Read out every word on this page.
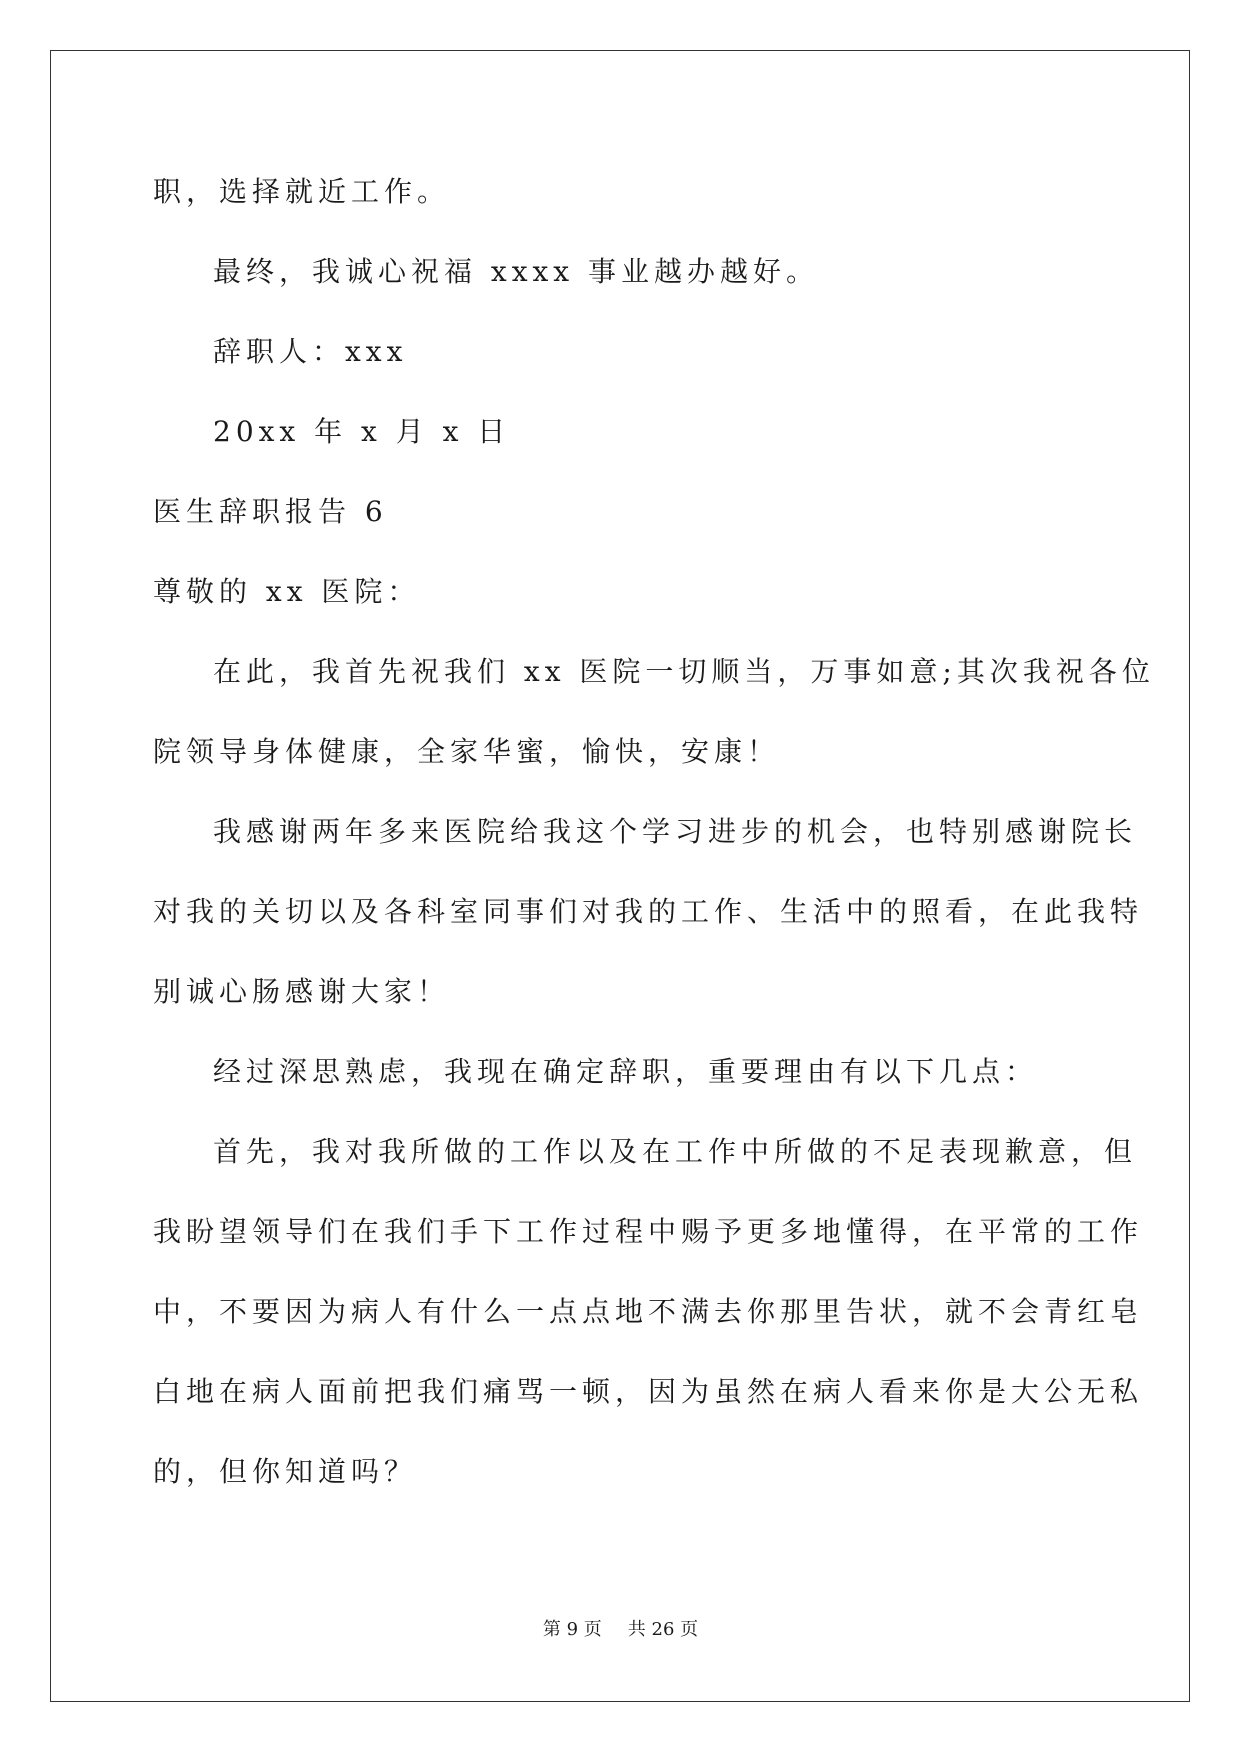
职，选择就近工作。
最终，我诚心祝福 xxxx 事业越办越好。
辞职人：xxx
20xx 年 x 月 x 日
医生辞职报告 6
尊敬的 xx 医院：
在此，我首先祝我们 xx 医院一切顺当，万事如意;其次我祝各位
院领导身体健康，全家华蜜，愉快，安康！
我感谢两年多来医院给我这个学习进步的机会，也特别感谢院长
对我的关切以及各科室同事们对我的工作、生活中的照看，在此我特
别诚心肠感谢大家！
经过深思熟虑，我现在确定辞职，重要理由有以下几点：
首先，我对我所做的工作以及在工作中所做的不足表现歉意，但
我盼望领导们在我们手下工作过程中赐予更多地懂得，在平常的工作
中，不要因为病人有什么一点点地不满去你那里告状，就不会青红皂
白地在病人面前把我们痛骂一顿，因为虽然在病人看来你是大公无私
的，但你知道吗？
第 9 页 共 26 页
